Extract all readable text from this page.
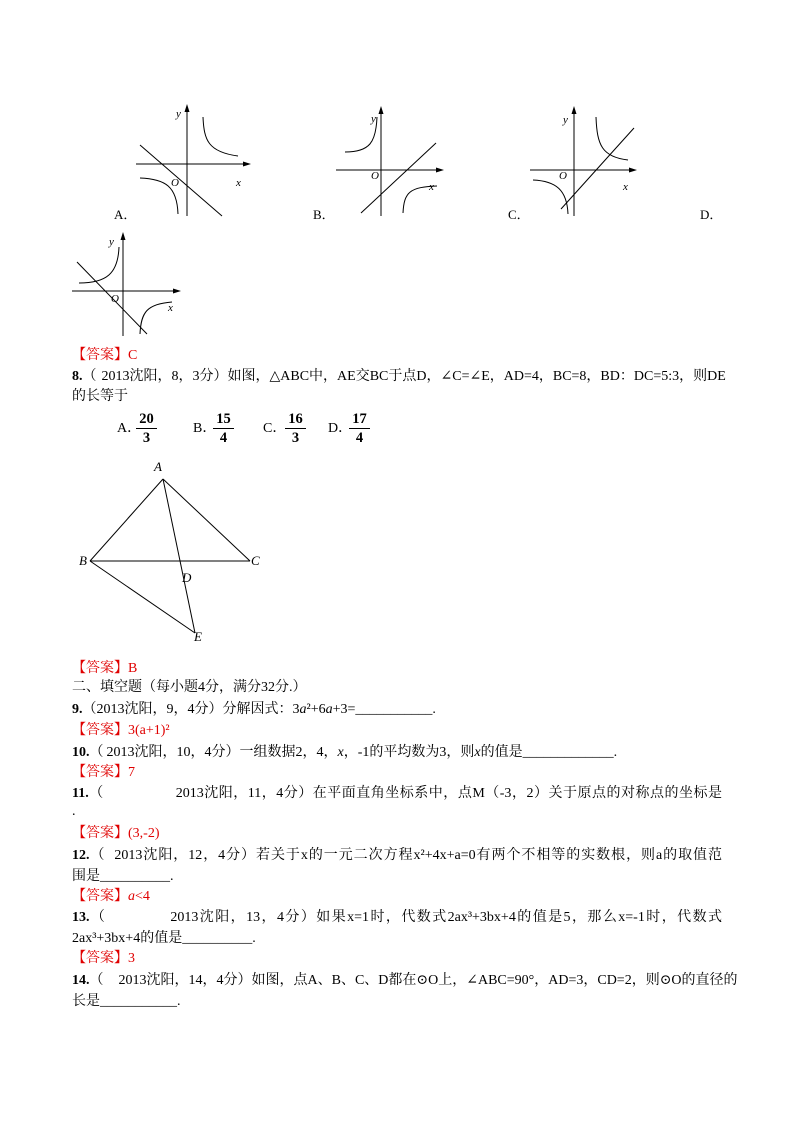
y
O	x
A．
y
O
x
B．
y
O
x
C．	D．
y
O
x
【答案】C
8.（ 2013沈阳，8，3分）如图，△ABC中，AE交BC于点D，∠C=∠E，AD=4，BC=8，BD：DC=5:3，则DE
的长等于
A．
20
3
B．
15
4
C．
16
3
D．
17
4
A
B	C
D
E
【答案】B
二、填空题（每小题4分，满分32分.）
9.（2013沈阳，9，4分）分解因式：3a²+6a+3=___________.
【答案】3(a+1)²
10.（ 2013沈阳，10，4分）一组数据2，4，x，-1的平均数为3，则x的值是_____________.
【答案】7
11.（	2013沈阳，11，4分）在平面直角坐标系中，点M（-3，2）关于原点的对称点的坐标是
.
【答案】(3,-2)
12.（ 2013沈阳，12，4分）若关于x的一元二次方程x²+4x+a=0有两个不相等的实数根，则a的取值范
围是__________.
【答案】a<4
13.（	2013沈阳，13，4分）如果x=1时，代数式2ax³+3bx+4的值是5，那么x=-1时，代数式
2ax³+3bx+4的值是__________.
【答案】3
14.（ 2013沈阳，14，4分）如图，点A、B、C、D都在⊙O上，∠ABC=90°，AD=3，CD=2，则⊙O的直径的
长是___________.
